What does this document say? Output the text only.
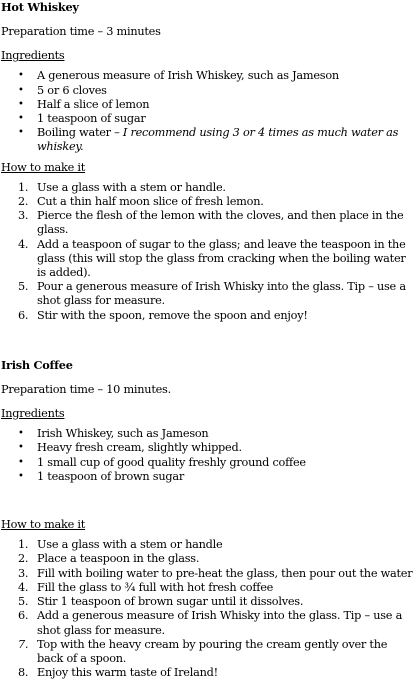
Hot Whiskey

Preparation time – 3 minutes

Ingredients

• A generous measure of Irish Whiskey, such as Jameson
• 5 or 6 cloves
• Half a slice of lemon
• 1 teaspoon of sugar
• Boiling water – I recommend using 3 or 4 times as much water as whiskey.

How to make it

1. Use a glass with a stem or handle.
2. Cut a thin half moon slice of fresh lemon.
3. Pierce the flesh of the lemon with the cloves, and then place in the glass.
4. Add a teaspoon of sugar to the glass; and leave the teaspoon in the glass (this will stop the glass from cracking when the boiling water is added).
5. Pour a generous measure of Irish Whisky into the glass. Tip – use a shot glass for measure.
6. Stir with the spoon, remove the spoon and enjoy!

Irish Coffee

Preparation time – 10 minutes.

Ingredients

• Irish Whiskey, such as Jameson
• Heavy fresh cream, slightly whipped.
• 1 small cup of good quality freshly ground coffee
• 1 teaspoon of brown sugar

How to make it

1. Use a glass with a stem or handle
2. Place a teaspoon in the glass.
3. Fill with boiling water to pre-heat the glass, then pour out the water
4. Fill the glass to ¾ full with hot fresh coffee
5. Stir 1 teaspoon of brown sugar until it dissolves.
6. Add a generous measure of Irish Whisky into the glass. Tip – use a shot glass for measure.
7. Top with the heavy cream by pouring the cream gently over the back of a spoon.
8. Enjoy this warm taste of Ireland!
